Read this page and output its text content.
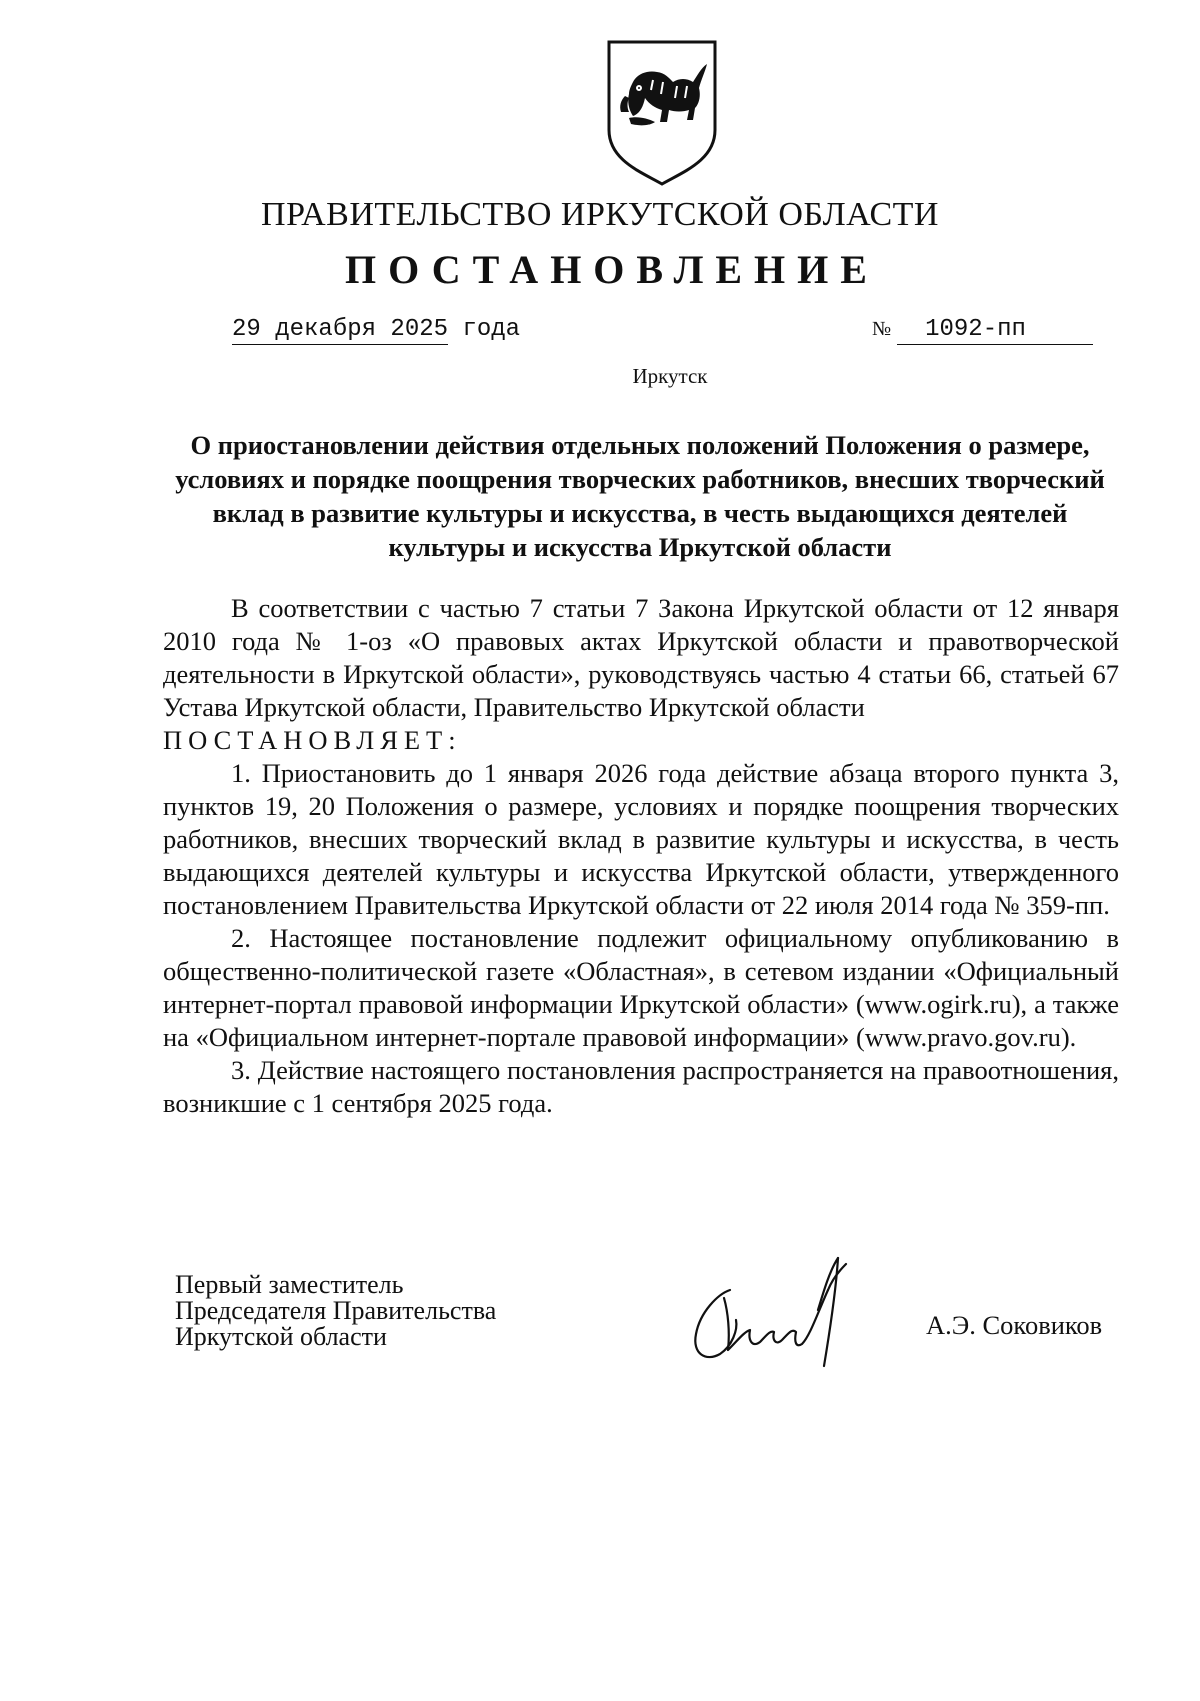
ПРАВИТЕЛЬСТВО ИРКУТСКОЙ ОБЛАСТИ
ПОСТАНОВЛЕНИЕ
29 декабря 2025 года	№ 1092-пп
Иркутск
О приостановлении действия отдельных положений Положения о размере, условиях и порядке поощрения творческих работников, внесших творческий вклад в развитие культуры и искусства, в честь выдающихся деятелей культуры и искусства Иркутской области

В соответствии с частью 7 статьи 7 Закона Иркутской области от 12 января 2010 года № 1-оз «О правовых актах Иркутской области и правотворческой деятельности в Иркутской области», руководствуясь частью 4 статьи 66, статьей 67 Устава Иркутской области, Правительство Иркутской области

ПОСТАНОВЛЯЕТ:

1. Приостановить до 1 января 2026 года действие абзаца второго пункта 3, пунктов 19, 20 Положения о размере, условиях и порядке поощрения творческих работников, внесших творческий вклад в развитие культуры и искусства, в честь выдающихся деятелей культуры и искусства Иркутской области, утвержденного постановлением Правительства Иркутской области от 22 июля 2014 года № 359-пп.

2. Настоящее постановление подлежит официальному опубликованию в общественно-политической газете «Областная», в сетевом издании «Официальный интернет-портал правовой информации Иркутской области» (www.ogirk.ru), а также на «Официальном интернет-портале правовой информации» (www.pravo.gov.ru).

3. Действие настоящего постановления распространяется на правоотношения, возникшие с 1 сентября 2025 года.

Первый заместитель
Председателя Правительства
Иркутской области	А.Э. Соковиков
